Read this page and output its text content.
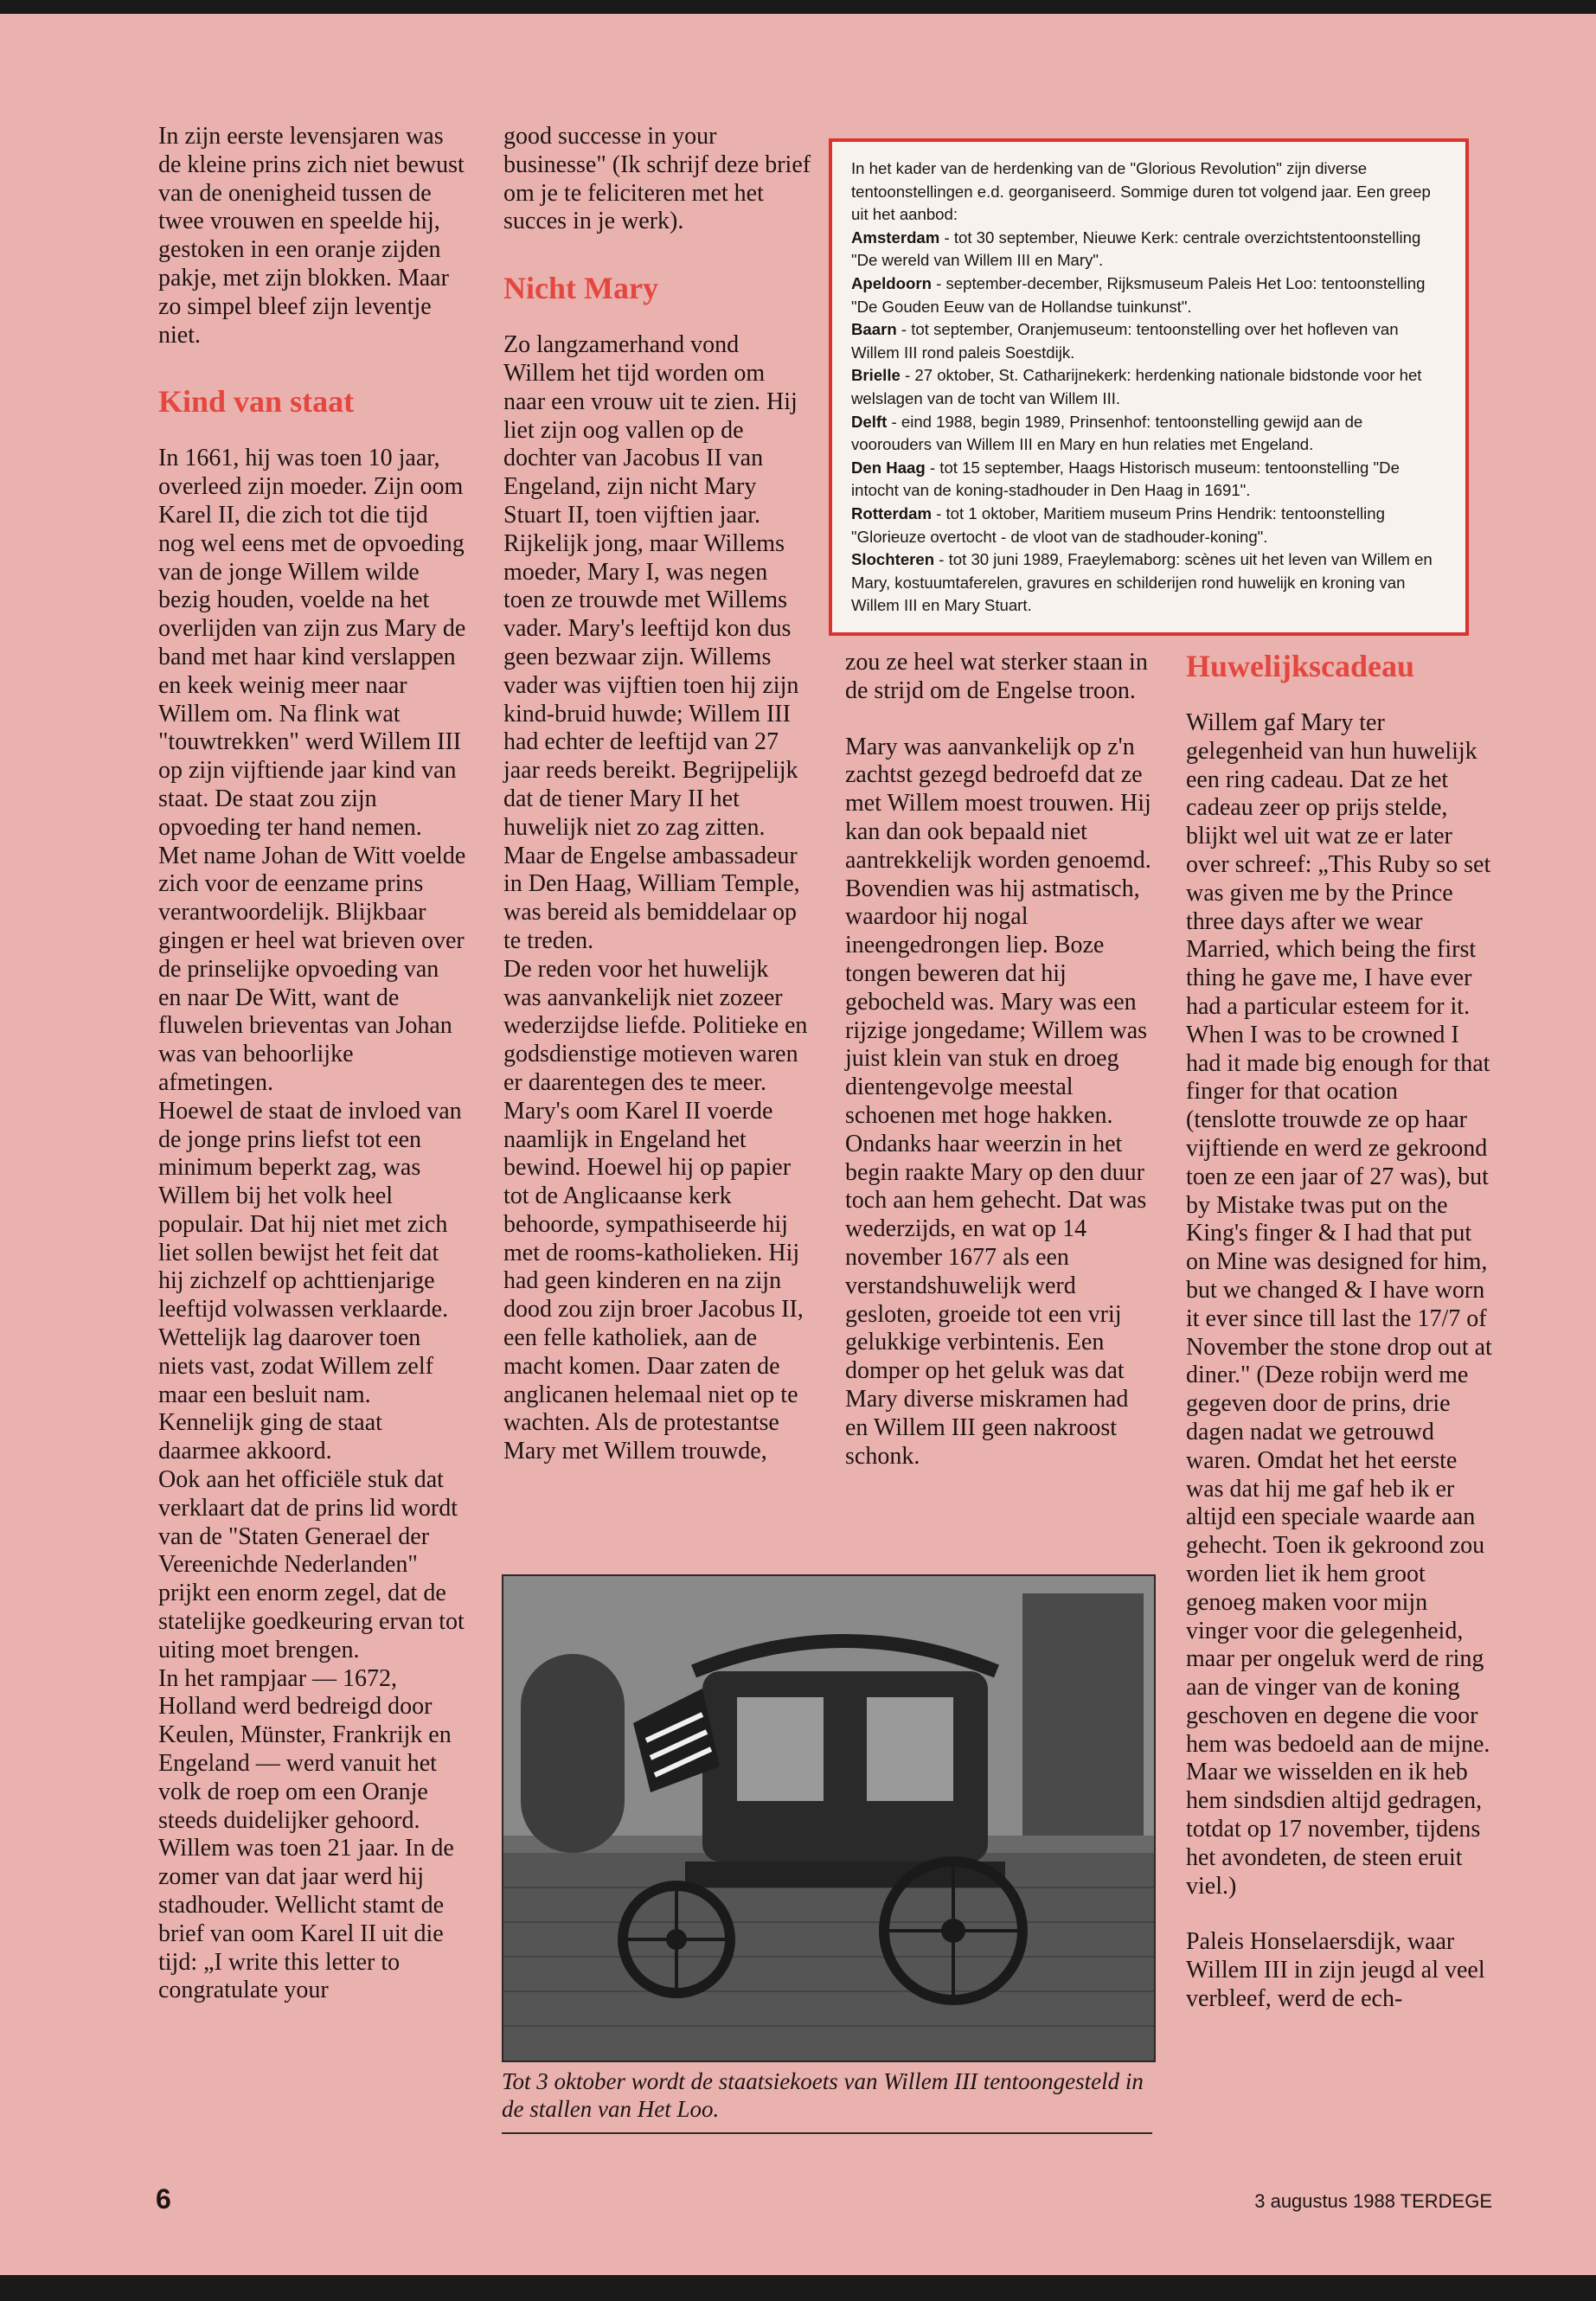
In zijn eerste levensjaren was de kleine prins zich niet bewust van de onenigheid tussen de twee vrouwen en speelde hij, gestoken in een oranje zijden pakje, met zijn blokken. Maar zo simpel bleef zijn leventje niet.

Kind van staat

In 1661, hij was toen 10 jaar, overleed zijn moeder. Zijn oom Karel II, die zich tot die tijd nog wel eens met de opvoeding van de jonge Willem wilde bezig houden, voelde na het overlijden van zijn zus Mary de band met haar kind verslappen en keek weinig meer naar Willem om. Na flink wat "touwtrekken" werd Willem III op zijn vijftiende jaar kind van staat. De staat zou zijn opvoeding ter hand nemen. Met name Johan de Witt voelde zich voor de eenzame prins verantwoordelijk. Blijkbaar gingen er heel wat brieven over de prinselijke opvoeding van en naar De Witt, want de fluwelen brieventas van Johan was van behoorlijke afmetingen.

Hoewel de staat de invloed van de jonge prins liefst tot een minimum beperkt zag, was Willem bij het volk heel populair. Dat hij niet met zich liet sollen bewijst het feit dat hij zichzelf op achttienjarige leeftijd volwassen verklaarde. Wettelijk lag daarover toen niets vast, zodat Willem zelf maar een besluit nam. Kennelijk ging de staat daarmee akkoord.

Ook aan het officiële stuk dat verklaart dat de prins lid wordt van de "Staten Generael der Vereenichde Nederlanden" prijkt een enorm zegel, dat de statelijke goedkeuring ervan tot uiting moet brengen.

In het rampjaar — 1672, Holland werd bedreigd door Keulen, Münster, Frankrijk en Engeland — werd vanuit het volk de roep om een Oranje steeds duidelijker gehoord. Willem was toen 21 jaar. In de zomer van dat jaar werd hij stadhouder. Wellicht stamt de brief van oom Karel II uit die tijd: „I write this letter to congratulate your

good successe in your businesse" (Ik schrijf deze brief om je te feliciteren met het succes in je werk).

Nicht Mary

Zo langzamerhand vond Willem het tijd worden om naar een vrouw uit te zien. Hij liet zijn oog vallen op de dochter van Jacobus II van Engeland, zijn nicht Mary Stuart II, toen vijftien jaar. Rijkelijk jong, maar Willems moeder, Mary I, was negen toen ze trouwde met Willems vader. Mary's leeftijd kon dus geen bezwaar zijn. Willems vader was vijftien toen hij zijn kind-bruid huwde; Willem III had echter de leeftijd van 27 jaar reeds bereikt. Begrijpelijk dat de tiener Mary II het huwelijk niet zo zag zitten. Maar de Engelse ambassadeur in Den Haag, William Temple, was bereid als bemiddelaar op te treden.

De reden voor het huwelijk was aanvankelijk niet zozeer wederzijdse liefde. Politieke en godsdienstige motieven waren er daarentegen des te meer. Mary's oom Karel II voerde naamlijk in Engeland het bewind. Hoewel hij op papier tot de Anglicaanse kerk behoorde, sympathiseerde hij met de rooms-katholieken. Hij had geen kinderen en na zijn dood zou zijn broer Jacobus II, een felle katholiek, aan de macht komen. Daar zaten de anglicanen helemaal niet op te wachten. Als de protestantse Mary met Willem trouwde,

In het kader van de herdenking van de "Glorious Revolution" zijn diverse tentoonstellingen e.d. georganiseerd. Sommige duren tot volgend jaar. Een greep uit het aanbod:

Amsterdam - tot 30 september, Nieuwe Kerk: centrale overzichtstentoonstelling "De wereld van Willem III en Mary".

Apeldoorn - september-december, Rijksmuseum Paleis Het Loo: tentoonstelling "De Gouden Eeuw van de Hollandse tuinkunst".

Baarn - tot september, Oranjemuseum: tentoonstelling over het hofleven van Willem III rond paleis Soestdijk.

Brielle - 27 oktober, St. Catharijnekerk: herdenking nationale bidstonde voor het welslagen van de tocht van Willem III.

Delft - eind 1988, begin 1989, Prinsenhof: tentoonstelling gewijd aan de voorouders van Willem III en Mary en hun relaties met Engeland.

Den Haag - tot 15 september, Haags Historisch museum: tentoonstelling "De intocht van de koning-stadhouder in Den Haag in 1691".

Rotterdam - tot 1 oktober, Maritiem museum Prins Hendrik: tentoonstelling "Glorieuze overtocht - de vloot van de stadhouder-koning".

Slochteren - tot 30 juni 1989, Fraeylemaborg: scènes uit het leven van Willem en Mary, kostuumtaferelen, gravures en schilderijen rond huwelijk en kroning van Willem III en Mary Stuart.

zou ze heel wat sterker staan in de strijd om de Engelse troon.

Mary was aanvankelijk op z'n zachtst gezegd bedroefd dat ze met Willem moest trouwen. Hij kan dan ook bepaald niet aantrekkelijk worden genoemd. Bovendien was hij astmatisch, waardoor hij nogal ineengedrongen liep. Boze tongen beweren dat hij gebocheld was. Mary was een rijzige jongedame; Willem was juist klein van stuk en droeg dientengevolge meestal schoenen met hoge hakken. Ondanks haar weerzin in het begin raakte Mary op den duur toch aan hem gehecht. Dat was wederzijds, en wat op 14 november 1677 als een verstandshuwelijk werd gesloten, groeide tot een vrij gelukkige verbintenis. Een domper op het geluk was dat Mary diverse miskramen had en Willem III geen nakroost schonk.

Huwelijkscadeau

Willem gaf Mary ter gelegenheid van hun huwelijk een ring cadeau. Dat ze het cadeau zeer op prijs stelde, blijkt wel uit wat ze er later over schreef: „This Ruby so set was given me by the Prince three days after we wear Married, which being the first thing he gave me, I have ever had a particular esteem for it. When I was to be crowned I had it made big enough for that finger for that ocation (tenslotte trouwde ze op haar vijftiende en werd ze gekroond toen ze een jaar of 27 was), but by Mistake twas put on the King's finger & I had that put on Mine was designed for him, but we changed & I have worn it ever since till last the 17/7 of November the stone drop out at diner." (Deze robijn werd me gegeven door de prins, drie dagen nadat we getrouwd waren. Omdat het het eerste was dat hij me gaf heb ik er altijd een speciale waarde aan gehecht. Toen ik gekroond zou worden liet ik hem groot genoeg maken voor mijn vinger voor die gelegenheid, maar per ongeluk werd de ring aan de vinger van de koning geschoven en degene die voor hem was bedoeld aan de mijne. Maar we wisselden en ik heb hem sindsdien altijd gedragen, totdat op 17 november, tijdens het avondeten, de steen eruit viel.)

Paleis Honselaersdijk, waar Willem III in zijn jeugd al veel verbleef, werd de ech-

Tot 3 oktober wordt de staatsiekoets van Willem III tentoongesteld in de stallen van Het Loo.

6	3 augustus 1988 TERDEGE
